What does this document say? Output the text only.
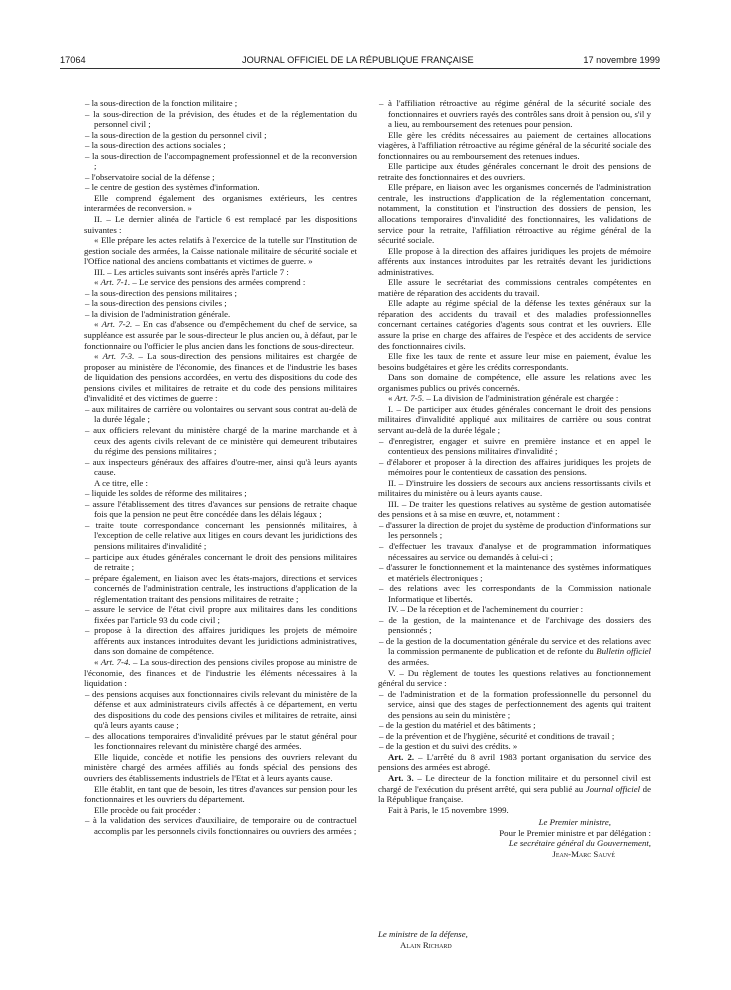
17064	JOURNAL OFFICIEL DE LA RÉPUBLIQUE FRANÇAISE	17 novembre 1999

– la sous-direction de la fonction militaire ;

– la sous-direction de la prévision, des études et de la réglementation du personnel civil ;

– la sous-direction de la gestion du personnel civil ;

– la sous-direction des actions sociales ;

– la sous-direction de l'accompagnement professionnel et de la reconversion ;

– l'observatoire social de la défense ;

– le centre de gestion des systèmes d'information.

Elle comprend également des organismes extérieurs, les centres interarmées de reconversion. »

II. – Le dernier alinéa de l'article 6 est remplacé par les dispositions suivantes :

« Elle prépare les actes relatifs à l'exercice de la tutelle sur l'Institution de gestion sociale des armées, la Caisse nationale militaire de sécurité sociale et l'Office national des anciens combattants et victimes de guerre. »

III. – Les articles suivants sont insérés après l'article 7 :

« Art. 7-1. – Le service des pensions des armées comprend :

– la sous-direction des pensions militaires ;

– la sous-direction des pensions civiles ;

– la division de l'administration générale.

« Art. 7-2. – En cas d'absence ou d'empêchement du chef de service, sa suppléance est assurée par le sous-directeur le plus ancien ou, à défaut, par le fonctionnaire ou l'officier le plus ancien dans les fonctions de sous-directeur.

« Art. 7-3. – La sous-direction des pensions militaires est chargée de proposer au ministère de l'économie, des finances et de l'industrie les bases de liquidation des pensions accordées, en vertu des dispositions du code des pensions civiles et militaires de retraite et du code des pensions militaires d'invalidité et des victimes de guerre :

– aux militaires de carrière ou volontaires ou servant sous contrat au-delà de la durée légale ;

– aux officiers relevant du ministère chargé de la marine marchande et à ceux des agents civils relevant de ce ministère qui demeurent tributaires du régime des pensions militaires ;

– aux inspecteurs généraux des affaires d'outre-mer, ainsi qu'à leurs ayants cause.

A ce titre, elle :

– liquide les soldes de réforme des militaires ;

– assure l'établissement des titres d'avances sur pensions de retraite chaque fois que la pension ne peut être concédée dans les délais légaux ;

– traite toute correspondance concernant les pensionnés militaires, à l'exception de celle relative aux litiges en cours devant les juridictions des pensions militaires d'invalidité ;

– participe aux études générales concernant le droit des pensions militaires de retraite ;

– prépare également, en liaison avec les états-majors, directions et services concernés de l'administration centrale, les instructions d'application de la réglementation traitant des pensions militaires de retraite ;

– assure le service de l'état civil propre aux militaires dans les conditions fixées par l'article 93 du code civil ;

– propose à la direction des affaires juridiques les projets de mémoire afférents aux instances introduites devant les juridictions administratives, dans son domaine de compétence.

« Art. 7-4. – La sous-direction des pensions civiles propose au ministre de l'économie, des finances et de l'industrie les éléments nécessaires à la liquidation :

– des pensions acquises aux fonctionnaires civils relevant du ministère de la défense et aux administrateurs civils affectés à ce département, en vertu des dispositions du code des pensions civiles et militaires de retraite, ainsi qu'à leurs ayants cause ;

– des allocations temporaires d'invalidité prévues par le statut général pour les fonctionnaires relevant du ministère chargé des armées.

Elle liquide, concède et notifie les pensions des ouvriers relevant du ministère chargé des armées affiliés au fonds spécial des pensions des ouvriers des établissements industriels de l'Etat et à leurs ayants cause.

Elle établit, en tant que de besoin, les titres d'avances sur pension pour les fonctionnaires et les ouvriers du département.

Elle procède ou fait procéder :

– à la validation des services d'auxiliaire, de temporaire ou de contractuel accomplis par les personnels civils fonctionnaires ou ouvriers des armées ;

– à l'affiliation rétroactive au régime général de la sécurité sociale des fonctionnaires et ouvriers rayés des contrôles sans droit à pension ou, s'il y a lieu, au remboursement des retenues pour pension.

Elle gère les crédits nécessaires au paiement de certaines allocations viagères, à l'affiliation rétroactive au régime général de la sécurité sociale des fonctionnaires ou au remboursement des retenues indues.

Elle participe aux études générales concernant le droit des pensions de retraite des fonctionnaires et des ouvriers.

Elle prépare, en liaison avec les organismes concernés de l'administration centrale, les instructions d'application de la réglementation concernant, notamment, la constitution et l'instruction des dossiers de pension, les allocations temporaires d'invalidité des fonctionnaires, les validations de service pour la retraite, l'affiliation rétroactive au régime général de la sécurité sociale.

Elle propose à la direction des affaires juridiques les projets de mémoire afférents aux instances introduites par les retraités devant les juridictions administratives.

Elle assure le secrétariat des commissions centrales compétentes en matière de réparation des accidents du travail.

Elle adapte au régime spécial de la défense les textes généraux sur la réparation des accidents du travail et des maladies professionnelles concernant certaines catégories d'agents sous contrat et les ouvriers. Elle assure la prise en charge des affaires de l'espèce et des accidents de service des fonctionnaires civils.

Elle fixe les taux de rente et assure leur mise en paiement, évalue les besoins budgétaires et gère les crédits correspondants.

Dans son domaine de compétence, elle assure les relations avec les organismes publics ou privés concernés.

« Art. 7-5. – La division de l'administration générale est chargée :

I. – De participer aux études générales concernant le droit des pensions militaires d'invalidité appliqué aux militaires de carrière ou sous contrat servant au-delà de la durée légale ;

– d'enregistrer, engager et suivre en première instance et en appel le contentieux des pensions militaires d'invalidité ;

– d'élaborer et proposer à la direction des affaires juridiques les projets de mémoires pour le contentieux de cassation des pensions.

II. – D'instruire les dossiers de secours aux anciens ressortissants civils et militaires du ministère ou à leurs ayants cause.

III. – De traiter les questions relatives au système de gestion automatisée des pensions et à sa mise en œuvre, et, notamment :

– d'assurer la direction de projet du système de production d'informations sur les personnels ;

– d'effectuer les travaux d'analyse et de programmation informatiques nécessaires au service ou demandés à celui-ci ;

– d'assurer le fonctionnement et la maintenance des systèmes informatiques et matériels électroniques ;

– des relations avec les correspondants de la Commission nationale Informatique et libertés.

IV. – De la réception et de l'acheminement du courrier :

– de la gestion, de la maintenance et de l'archivage des dossiers des pensionnés ;

– de la gestion de la documentation générale du service et des relations avec la commission permanente de publication et de refonte du Bulletin officiel des armées.

V. – Du règlement de toutes les questions relatives au fonctionnement général du service :

– de l'administration et de la formation professionnelle du personnel du service, ainsi que des stages de perfectionnement des agents qui traitent des pensions au sein du ministère ;

– de la gestion du matériel et des bâtiments ;

– de la prévention et de l'hygiène, sécurité et conditions de travail ;

– de la gestion et du suivi des crédits. »

Art. 2. – L'arrêté du 8 avril 1983 portant organisation du service des pensions des armées est abrogé.

Art. 3. – Le directeur de la fonction militaire et du personnel civil est chargé de l'exécution du présent arrêté, qui sera publié au Journal officiel de la République française.

Fait à Paris, le 15 novembre 1999.

Le Premier ministre,

Pour le Premier ministre et par délégation :

Le secrétaire général du Gouvernement,

Jean-Marc Sauvé

Le ministre de la défense,

Alain Richard
